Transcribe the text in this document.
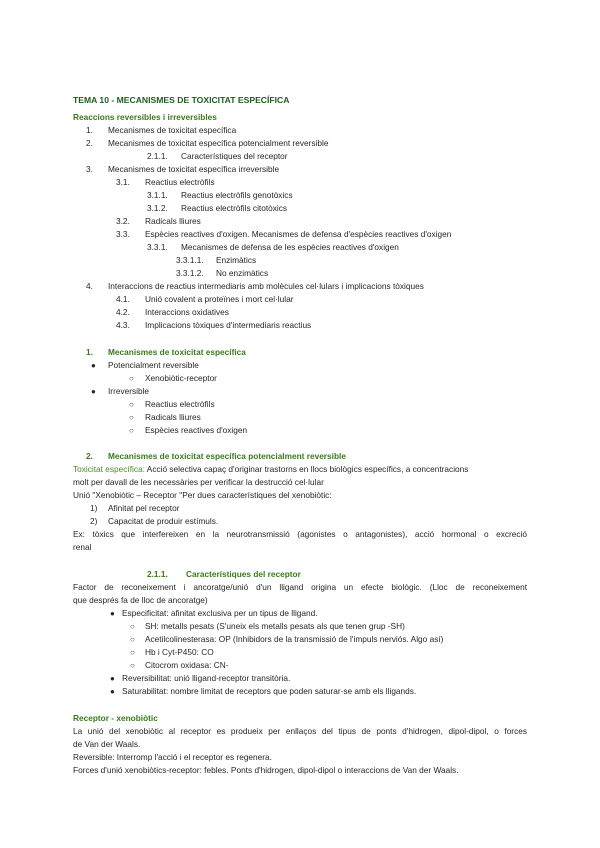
TEMA 10 - MECANISMES DE TOXICITAT ESPECÍFICA
Reaccions reversibles i irreversibles
1. Mecanismes de toxicitat específica
2. Mecanismes de toxicitat específica potencialment reversible
2.1.1. Característiques del receptor
3. Mecanismes de toxicitat específica irreversible
3.1. Reactius electròfils
3.1.1. Reactius electròfils genotòxics
3.1.2. Reactius electròfils citotòxics
3.2. Radicals lliures
3.3. Espècies reactives d'oxigen. Mecanismes de defensa d'espècies reactives d'oxigen
3.3.1. Mecanismes de defensa de les espècies reactives d'oxigen
3.3.1.1. Enzimàtics
3.3.1.2. No enzimàtics
4. Interaccions de reactius intermediaris amb molècules cel·lulars i implicacions tòxiques
4.1. Unió covalent a proteïnes i mort cel·lular
4.2. Interaccions oxidatives
4.3. Implicacions tòxiques d'intermediaris reactius
1. Mecanismes de toxicitat específica
● Potencialment reversible
○ Xenobiòtic-receptor
● Irreversible
○ Reactius electròfils
○ Radicals lliures
○ Espècies reactives d'oxigen
2. Mecanismes de toxicitat específica potencialment reversible
Toxicitat específica: Acció selectiva capaç d'originar trastorns en llocs biològics específics, a concentracions
molt per davall de les necessàries per verificar la destrucció cel·lular
Unió "Xenobiòtic – Receptor "Per dues característiques del xenobiòtic:
1) Afinitat pel receptor
2) Capacitat de produir estímuls.
Ex: tòxics que interfereixen en la neurotransmissió (agonistes o antagonistes), acció hormonal o excreció
renal
2.1.1. Característiques del receptor
Factor de reconeixement i ancoratge/unió d'un lligand origina un efecte biològic. (Lloc de reconeixement
que després fa de lloc de ancoratge)
● Especificitat: afinitat exclusiva per un tipus de lligand.
○ SH: metalls pesats (S'uneix els metalls pesats als que tenen grup -SH)
○ Acetilcolinesterasa: OP (Inhibidors de la transmissió de l'impuls nerviós. Algo así)
○ Hb i Cyt-P450: CO
○ Citocrom oxidasa: CN-
● Reversibilitat: unió lligand-receptor transitòria.
● Saturabilitat: nombre limitat de receptors que poden saturar-se amb els lligands.
Receptor - xenobiòtic
La unió del xenobiòtic al receptor es produeix per enllaços del tipus de ponts d'hidrogen, dipol-dipol, o forces
de Van der Waals.
Reversible: Interromp l'acció i el receptor es regenera.
Forces d'unió xenobiòtics-receptor: febles. Ponts d'hidrogen, dipol-dipol o interaccions de Van der Waals.
